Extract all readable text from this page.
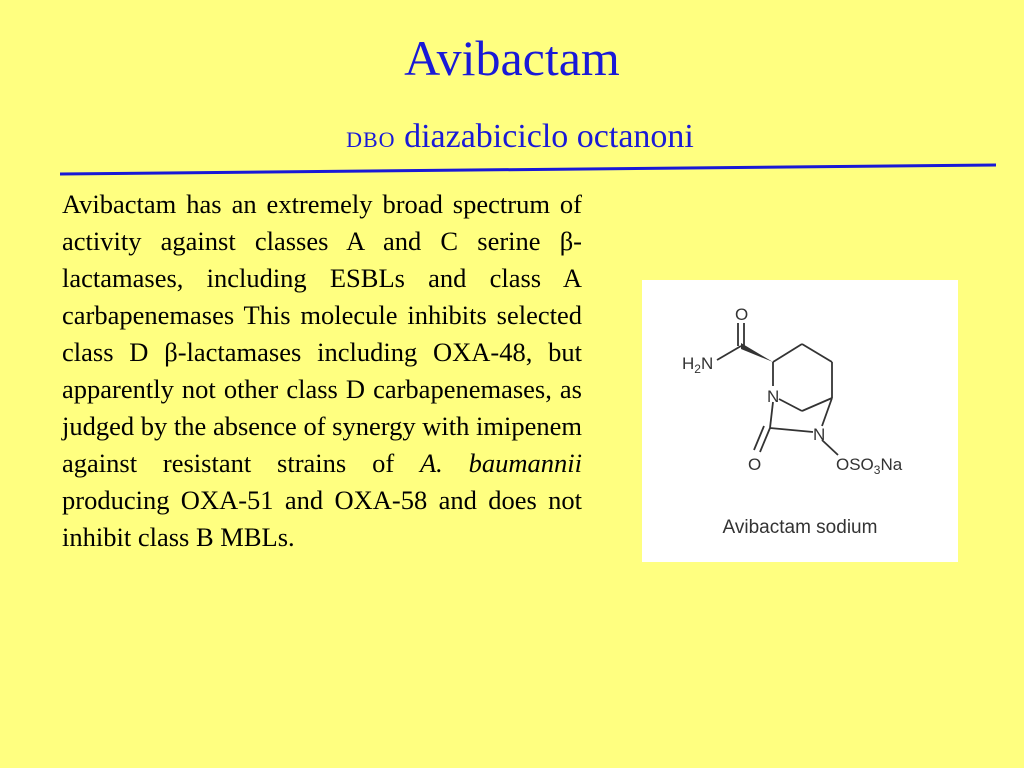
Avibactam
DBO diazabiciclo octanoni

Avibactam has an extremely broad spectrum of activity against classes A and C serine β-lactamases, including ESBLs and class A carbapenemases This molecule inhibits selected class D β-lactamases including OXA-48, but apparently not other class D carbapenemases, as judged by the absence of synergy with imipenem against resistant strains of A. baumannii producing OXA-51 and OXA-58 and does not inhibit class B MBLs.

O
$H_2N$
N
N
O	$OSO_3Na$
Avibactam sodium
